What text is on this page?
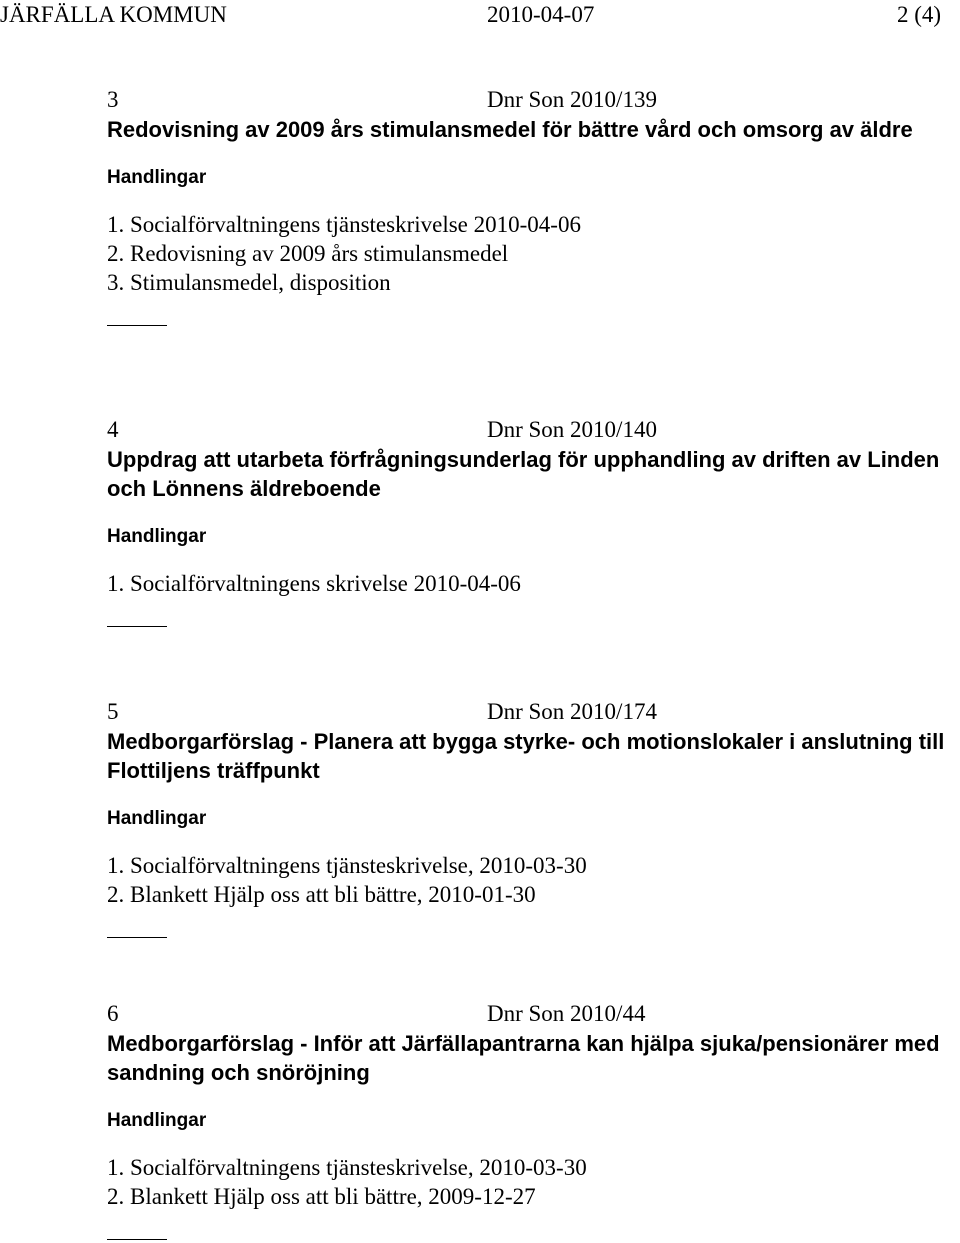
JÄRFÄLLA KOMMUN	2010-04-07	2 (4)
3	Dnr Son 2010/139
Redovisning av 2009 års stimulansmedel för bättre vård och omsorg av äldre
Handlingar
1. Socialförvaltningens tjänsteskrivelse 2010-04-06
2. Redovisning av 2009 års stimulansmedel
3. Stimulansmedel, disposition
4	Dnr Son 2010/140
Uppdrag att utarbeta förfrågningsunderlag för upphandling av driften av Linden och Lönnens äldreboende
Handlingar
1. Socialförvaltningens skrivelse 2010-04-06
5	Dnr Son 2010/174
Medborgarförslag - Planera att bygga styrke- och motionslokaler i anslutning till Flottiljens träffpunkt
Handlingar
1. Socialförvaltningens tjänsteskrivelse, 2010-03-30
2. Blankett Hjälp oss att bli bättre, 2010-01-30
6	Dnr Son 2010/44
Medborgarförslag - Inför att Järfällapantrarna kan hjälpa sjuka/pensionärer med sandning och snöröjning
Handlingar
1. Socialförvaltningens tjänsteskrivelse, 2010-03-30
2. Blankett Hjälp oss att bli bättre, 2009-12-27
